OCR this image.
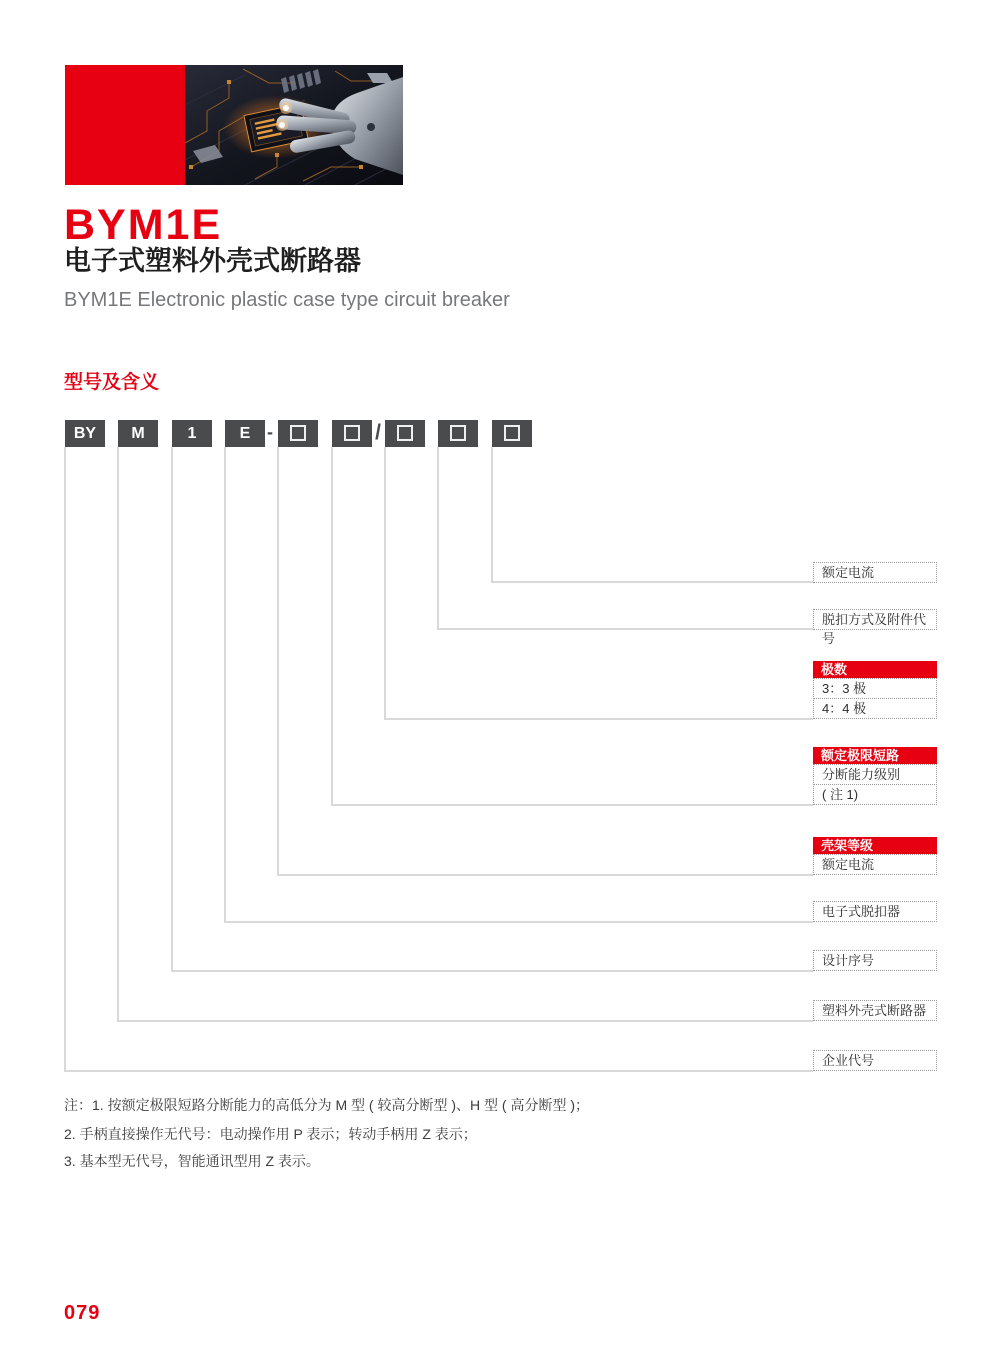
BYM1E
电子式塑料外壳式断路器
BYM1E Electronic plastic case type circuit breaker
型号及含义
BY	M	1	E -	/
额定电流
脱扣方式及附件代号
极数
3：3 极
4：4 极
额定极限短路
分断能力级别
( 注 1)
壳架等级
额定电流
电子式脱扣器
设计序号
塑料外壳式断路器
企业代号
注：1. 按额定极限短路分断能力的高低分为 M 型 ( 较高分断型 )、H 型 ( 高分断型 )；
2. 手柄直接操作无代号：电动操作用 P 表示；转动手柄用 Z 表示；
3. 基本型无代号，智能通讯型用 Z 表示。
079
